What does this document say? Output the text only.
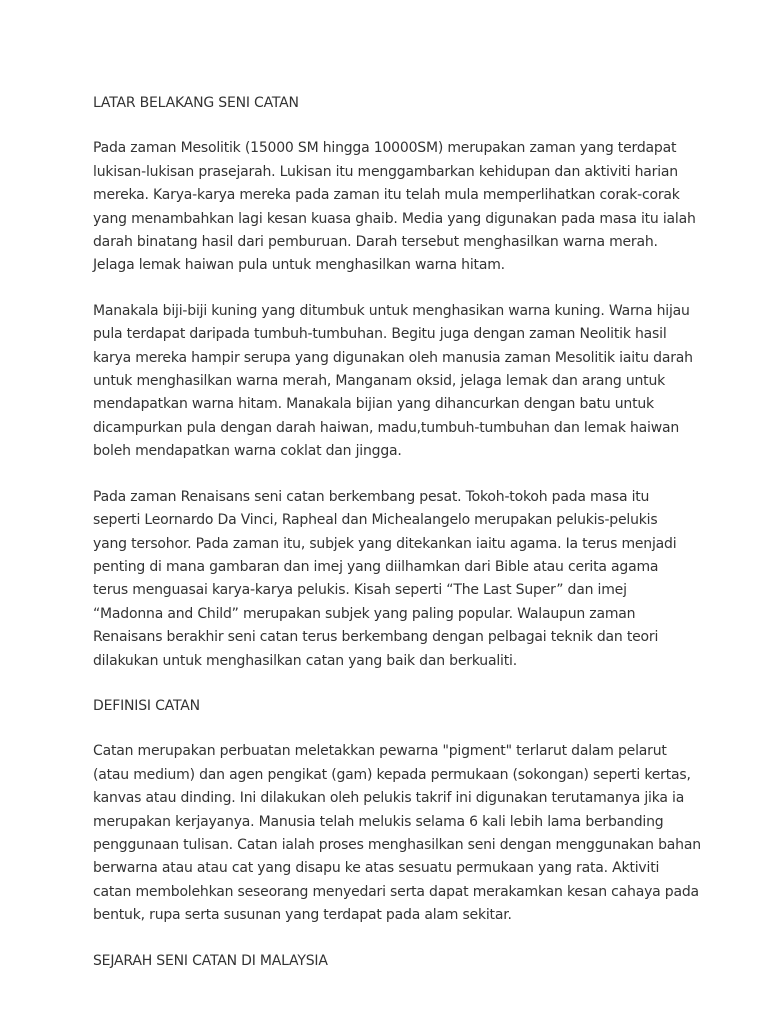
LATAR BELAKANG SENI CATAN

Pada zaman Mesolitik (15000 SM hingga 10000SM) merupakan zaman yang terdapat
lukisan-lukisan prasejarah. Lukisan itu menggambarkan kehidupan dan aktiviti harian
mereka. Karya-karya mereka pada zaman itu telah mula memperlihatkan corak-corak
yang menambahkan lagi kesan kuasa ghaib. Media yang digunakan pada masa itu ialah
darah binatang hasil dari pemburuan. Darah tersebut menghasilkan warna merah.
Jelaga lemak haiwan pula untuk menghasilkan warna hitam.

Manakala biji-biji kuning yang ditumbuk untuk menghasikan warna kuning. Warna hijau
pula terdapat daripada tumbuh-tumbuhan. Begitu juga dengan zaman Neolitik hasil
karya mereka hampir serupa yang digunakan oleh manusia zaman Mesolitik iaitu darah
untuk menghasilkan warna merah, Manganam oksid, jelaga lemak dan arang untuk
mendapatkan warna hitam. Manakala bijian yang dihancurkan dengan batu untuk
dicampurkan pula dengan darah haiwan, madu,tumbuh-tumbuhan dan lemak haiwan
boleh mendapatkan warna coklat dan jingga.

Pada zaman Renaisans seni catan berkembang pesat. Tokoh-tokoh pada masa itu
seperti Leornardo Da Vinci, Rapheal dan Michealangelo merupakan pelukis-pelukis
yang tersohor. Pada zaman itu, subjek yang ditekankan iaitu agama. Ia terus menjadi
penting di mana gambaran dan imej yang diilhamkan dari Bible atau cerita agama
terus menguasai karya-karya pelukis. Kisah seperti “The Last Super” dan imej
“Madonna and Child” merupakan subjek yang paling popular. Walaupun zaman
Renaisans berakhir seni catan terus berkembang dengan pelbagai teknik dan teori
dilakukan untuk menghasilkan catan yang baik dan berkualiti.

DEFINISI CATAN

Catan merupakan perbuatan meletakkan pewarna "pigment" terlarut dalam pelarut
(atau medium) dan agen pengikat (gam) kepada permukaan (sokongan) seperti kertas,
kanvas atau dinding. Ini dilakukan oleh pelukis takrif ini digunakan terutamanya jika ia
merupakan kerjayanya. Manusia telah melukis selama 6 kali lebih lama berbanding
penggunaan tulisan. Catan ialah proses menghasilkan seni dengan menggunakan bahan
berwarna atau atau cat yang disapu ke atas sesuatu permukaan yang rata. Aktiviti
catan membolehkan seseorang menyedari serta dapat merakamkan kesan cahaya pada
bentuk, rupa serta susunan yang terdapat pada alam sekitar.

SEJARAH SENI CATAN DI MALAYSIA
